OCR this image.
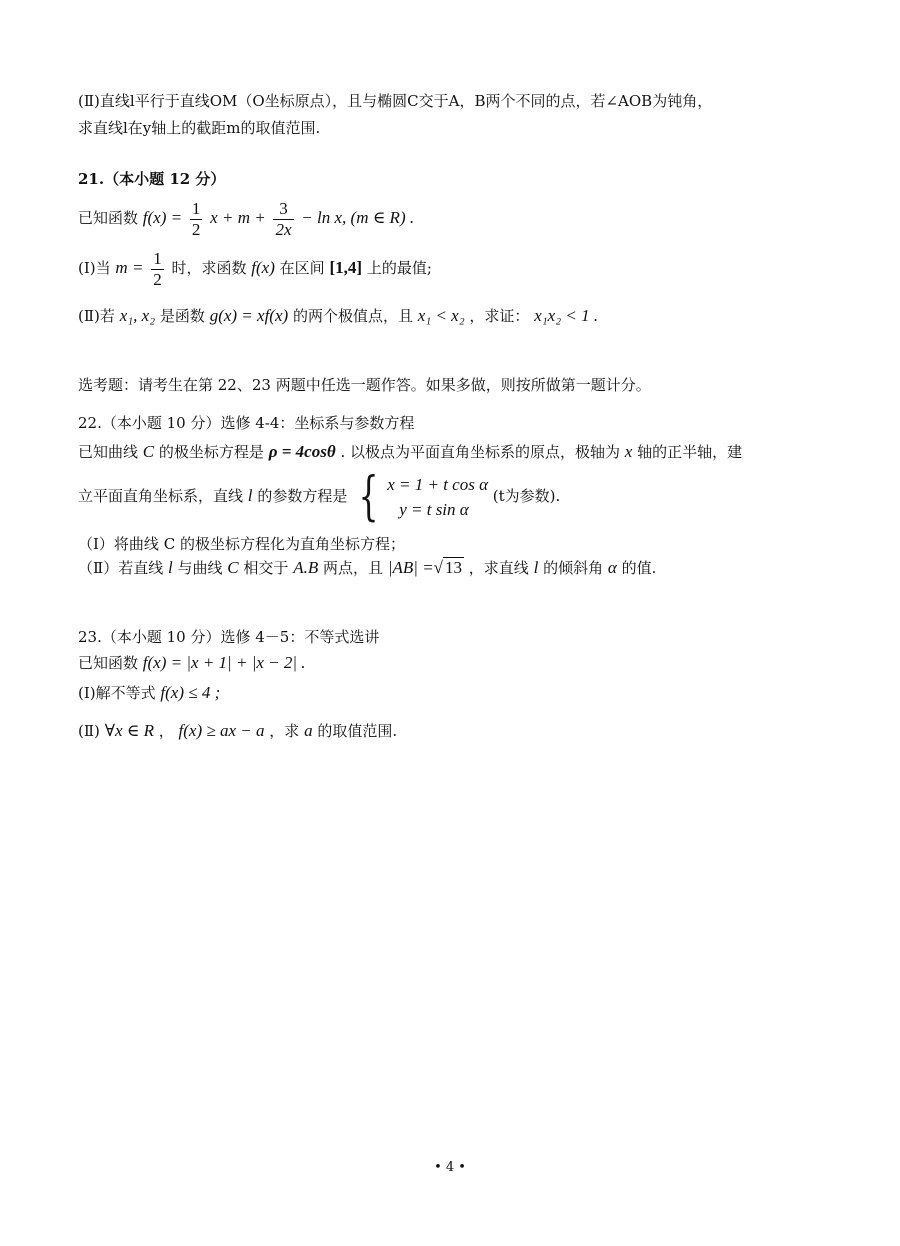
(Ⅱ)直线l平行于直线OM（O坐标原点），且与椭圆C交于A，B两个不同的点，若∠AOB为钝角，
求直线l在y轴上的截距m的取值范围.
21.（本小题 12 分）
已知函数 $f(x) = \frac{1}{2}$ $x + m + \frac{3}{2x} - \ln x$, (m ∈ R) .
(Ⅰ)当 $m = \frac{1}{2}$ 时，求函数 f(x) 在区间 [1,4] 上的最值;
(Ⅱ)若 x₁, x₂ 是函数 g(x) = xf(x) 的两个极值点，且 x₁ < x₂ ，求证： x₁x₂ < 1 .
选考题：请考生在第 22、23 两题中任选一题作答。如果多做，则按所做第一题计分。
22.（本小题 10 分）选修 4-4：坐标系与参数方程
已知曲线 C 的极坐标方程是 ρ = 4cosθ . 以极点为平面直角坐标系的原点，极轴为 x 轴的正半轴，建
立平面直角坐标系，直线 l 的参数方程是 { x = 1 + t cos α
y = t sin α
(t为参数).
（Ⅰ）将曲线 C 的极坐标方程化为直角坐标方程；
（Ⅱ）若直线 l 与曲线 C 相交于 A.B 两点，且 |AB| =√ 13 ，求直线 l 的倾斜角 α 的值.
23.（本小题 10 分）选修 4－5：不等式选讲
已知函数 f(x) = |x + 1| + |x − 2| .
(Ⅰ)解不等式 f(x) ≤ 4 ;
(Ⅱ) ∀x ∈ R ， f(x) ≥ ax − a ，求 a 的取值范围.
• 4 •
